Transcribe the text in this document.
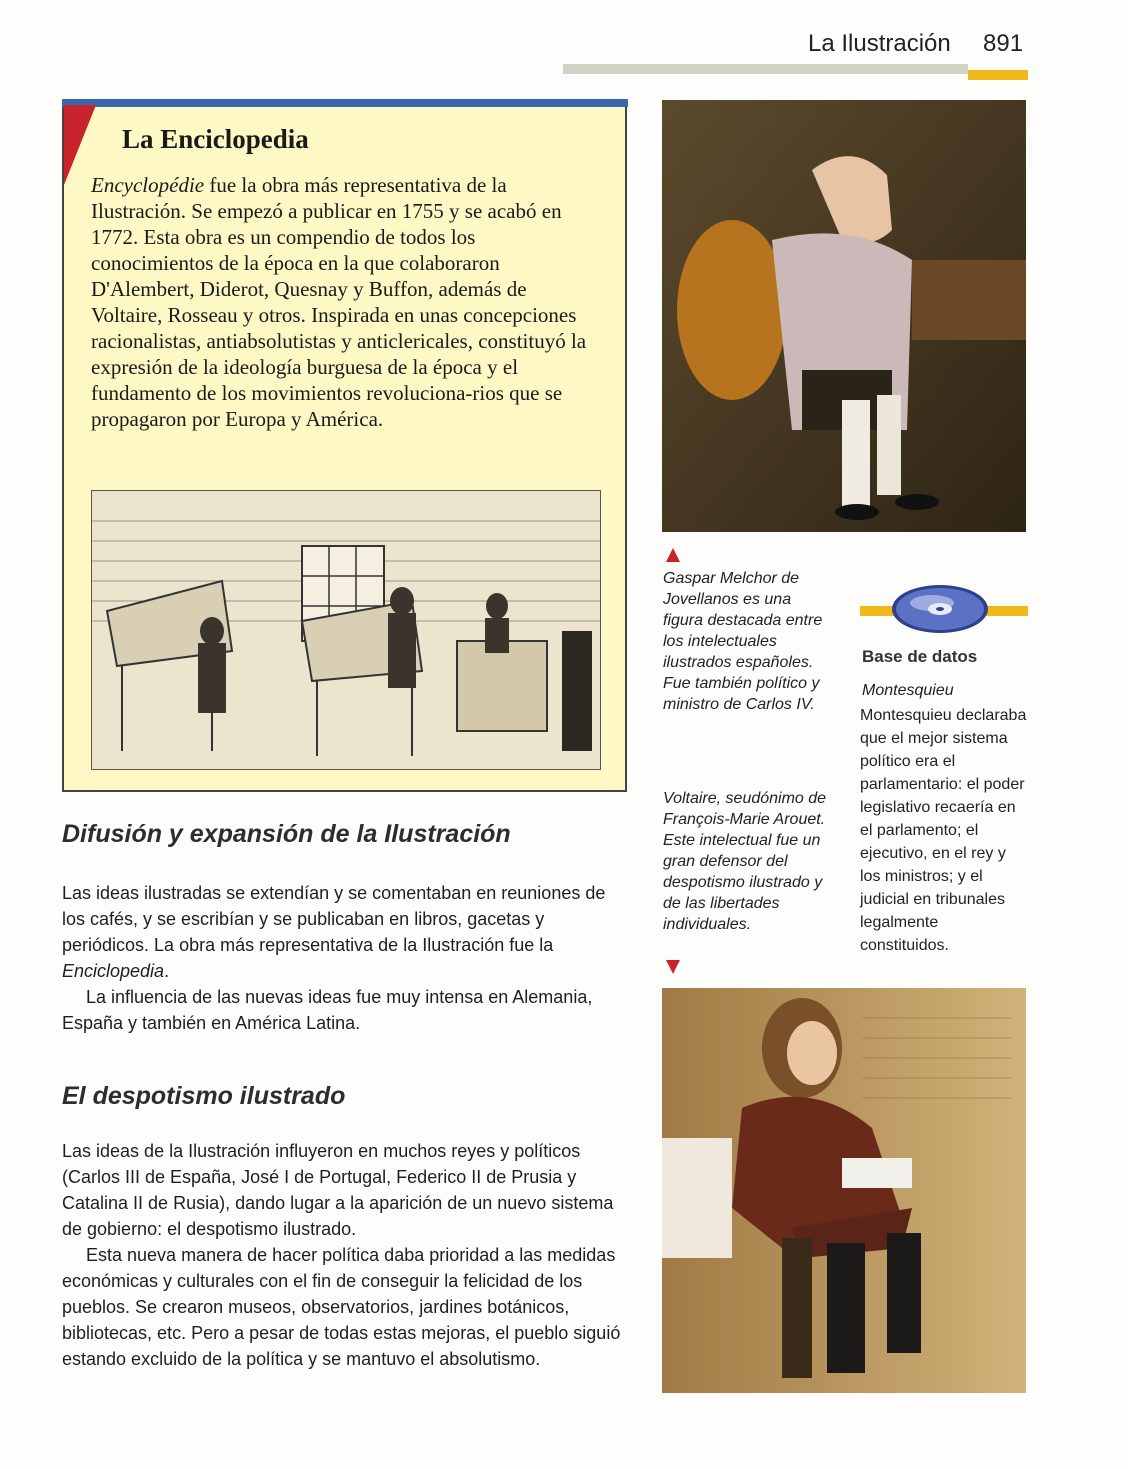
La Ilustración 891
La Enciclopedia
Encyclopédie fue la obra más representativa de la Ilustración. Se empezó a publicar en 1755 y se acabó en 1772. Esta obra es un compendio de todos los conocimientos de la época en la que colaboraron D'Alembert, Diderot, Quesnay y Buffon, además de Voltaire, Rosseau y otros. Inspirada en unas concepciones racionalistas, antiabsolutistas y anticlericales, constituyó la expresión de la ideología burguesa de la época y el fundamento de los movimientos revoluciona-rios que se propagaron por Europa y América.
Difusión y expansión de la Ilustración

Las ideas ilustradas se extendían y se comentaban en reuniones de los cafés, y se escribían y se publicaban en libros, gacetas y periódicos. La obra más representativa de la Ilustración fue la Enciclopedia.

La influencia de las nuevas ideas fue muy intensa en Alemania, España y también en América Latina.

El despotismo ilustrado

Las ideas de la Ilustración influyeron en muchos reyes y políticos (Carlos III de España, José I de Portugal, Federico II de Prusia y Catalina II de Rusia), dando lugar a la aparición de un nuevo sistema de gobierno: el despotismo ilustrado.

Esta nueva manera de hacer política daba prioridad a las medidas económicas y culturales con el fin de conseguir la felicidad de los pueblos. Se crearon museos, observatorios, jardines botánicos, bibliotecas, etc. Pero a pesar de todas estas mejoras, el pueblo siguió estando excluido de la política y se mantuvo el absolutismo.

Gaspar Melchor de Jovellanos es una figura destacada entre los intelectuales ilustrados españoles. Fue también político y ministro de Carlos IV.
Voltaire, seudónimo de François-Marie Arouet. Este intelectual fue un gran defensor del despotismo ilustrado y de las libertades individuales.
Base de datos
Montesquieu
Montesquieu declaraba que el mejor sistema político era el parlamentario: el poder legislativo recaería en el parlamento; el ejecutivo, en el rey y los ministros; y el judicial en tribunales legalmente constituidos.
